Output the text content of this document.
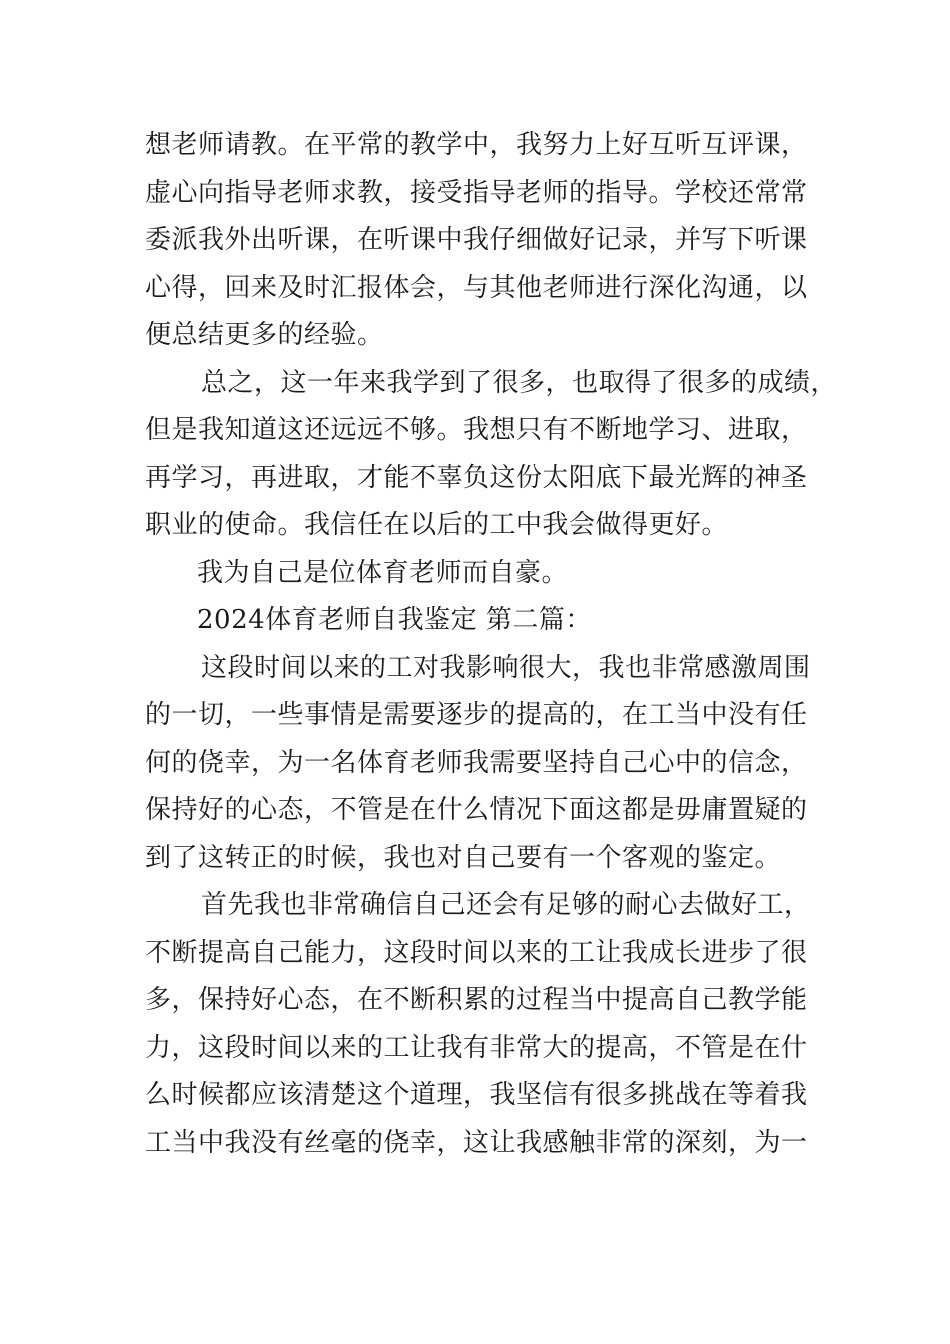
想老师请教。在平常的教学中，我努力上好互听互评课，
虚心向指导老师求教，接受指导老师的指导。学校还常常
委派我外出听课，在听课中我仔细做好记录，并写下听课
心得，回来及时汇报体会，与其他老师进行深化沟通，以
便总结更多的经验。
总之，这一年来我学到了很多，也取得了很多的成绩，
但是我知道这还远远不够。我想只有不断地学习、进取，
再学习，再进取，才能不辜负这份太阳底下最光辉的神圣
职业的使命。我信任在以后的工中我会做得更好。
我为自己是位体育老师而自豪。
2024体育老师自我鉴定 第二篇：
这段时间以来的工对我影响很大，我也非常感激周围
的一切，一些事情是需要逐步的提高的，在工当中没有任
何的侥幸，为一名体育老师我需要坚持自己心中的信念，
保持好的心态，不管是在什么情况下面这都是毋庸置疑的
到了这转正的时候，我也对自己要有一个客观的鉴定。
首先我也非常确信自己还会有足够的耐心去做好工，
不断提高自己能力，这段时间以来的工让我成长进步了很
多，保持好心态，在不断积累的过程当中提高自己教学能
力，这段时间以来的工让我有非常大的提高，不管是在什
么时候都应该清楚这个道理，我坚信有很多挑战在等着我
工当中我没有丝毫的侥幸，这让我感触非常的深刻，为一
